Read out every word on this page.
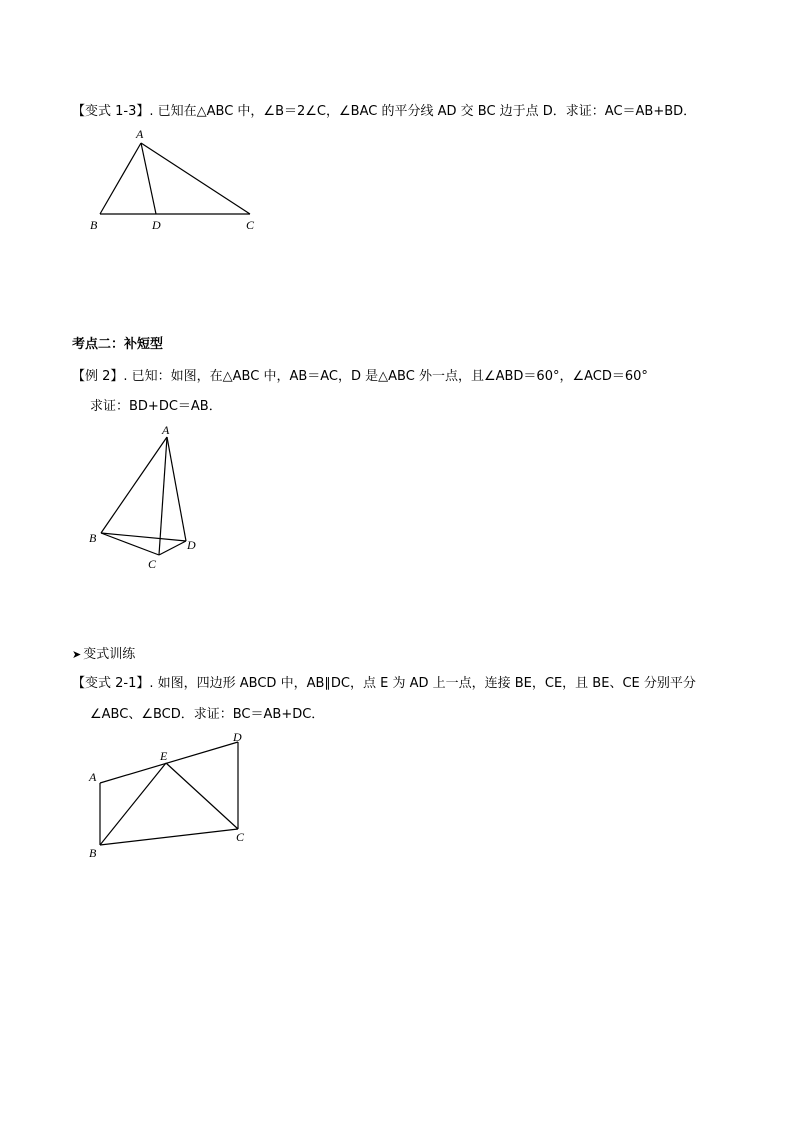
【变式 1-3】. 已知在△ABC 中，∠B＝2∠C，∠BAC 的平分线 AD 交 BC 边于点 D．求证：AC＝AB+BD．
A
B	D	C
考点二：补短型
【例 2】. 已知：如图，在△ABC 中，AB＝AC，D 是△ABC 外一点，且∠ABD＝60°，∠ACD＝60°
求证：BD+DC＝AB．
A
B
C
D
➤ 变式训练
【变式 2-1】. 如图，四边形 ABCD 中，AB∥DC，点 E 为 AD 上一点，连接 BE，CE，且 BE、CE 分别平分
∠ABC、∠BCD．求证：BC＝AB+DC．
A
E
D
C
B
